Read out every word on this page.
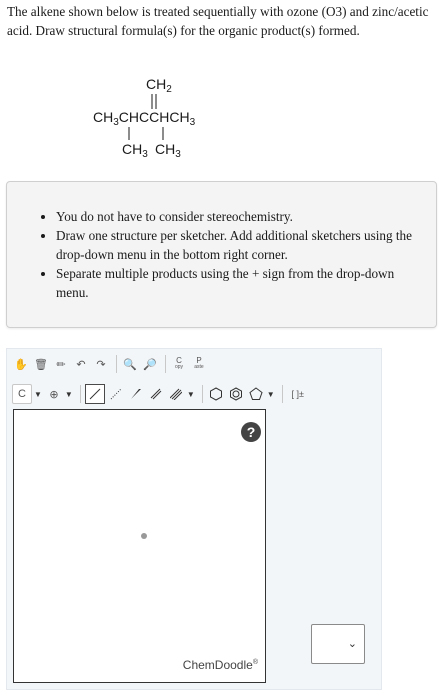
The alkene shown below is treated sequentially with ozone (O3) and zinc/acetic acid. Draw structural formula(s) for the organic product(s) formed.
$CH_2$
$CH_3CHCCHCH_3$
$CH_3$ $CH_3$
• You do not have to consider stereochemistry.
• Draw one structure per sketcher. Add additional sketchers using the drop-down menu in the bottom right corner.
• Separate multiple products using the + sign from the drop-down menu.
✋ 🗑 ✏ ↶ ↷	🔍 🔎 C
opy
P
aste
C ▼ ⊕ ▼	▼	▼ [ ]±
?
ChemDoodle®
⌄
